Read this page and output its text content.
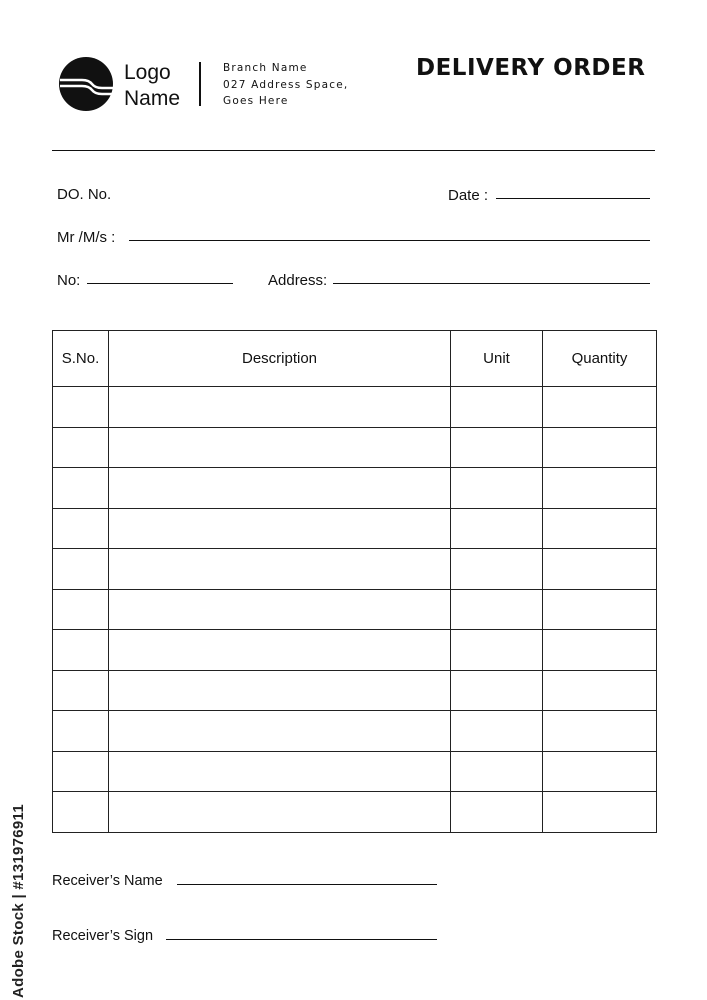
Logo
Name
Branch Name
027 Address Space,
Goes Here
DELIVERY ORDER
DO. No.	Date :
Mr /M/s :
No:	Address:
S.No.	Description	Unit	Quantity

Receiver’s Name
Receiver’s Sign
Adobe Stock | #131976911
